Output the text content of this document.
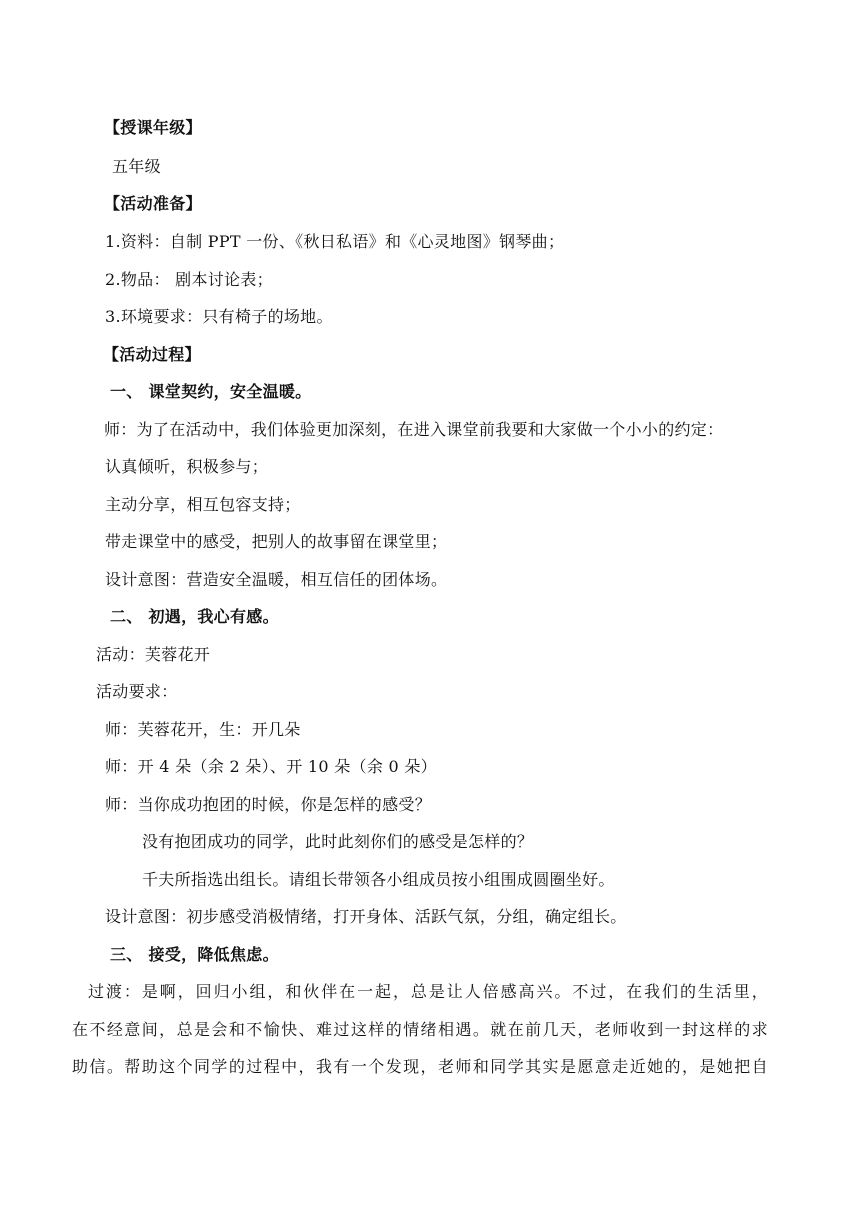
【授课年级】
五年级
【活动准备】
1.资料：自制 PPT 一份、《秋日私语》和《心灵地图》钢琴曲；
2.物品： 剧本讨论表；
3.环境要求：只有椅子的场地。
【活动过程】
一、 课堂契约，安全温暖。
师：为了在活动中，我们体验更加深刻，在进入课堂前我要和大家做一个小小的约定：
认真倾听，积极参与；
主动分享，相互包容支持；
带走课堂中的感受，把别人的故事留在课堂里；
设计意图：营造安全温暖，相互信任的团体场。
二、 初遇，我心有感。
活动：芙蓉花开
活动要求：
师：芙蓉花开，生：开几朵
师：开 4 朵（余 2 朵）、开 10 朵（余 0 朵）
师：当你成功抱团的时候，你是怎样的感受？
没有抱团成功的同学，此时此刻你们的感受是怎样的？
千夫所指选出组长。请组长带领各小组成员按小组围成圆圈坐好。
设计意图：初步感受消极情绪，打开身体、活跃气氛，分组，确定组长。
三、 接受，降低焦虑。
过渡：是啊，回归小组，和伙伴在一起，总是让人倍感高兴。不过，在我们的生活里，
在不经意间，总是会和不愉快、难过这样的情绪相遇。就在前几天，老师收到一封这样的求
助信。帮助这个同学的过程中，我有一个发现，老师和同学其实是愿意走近她的，是她把自
